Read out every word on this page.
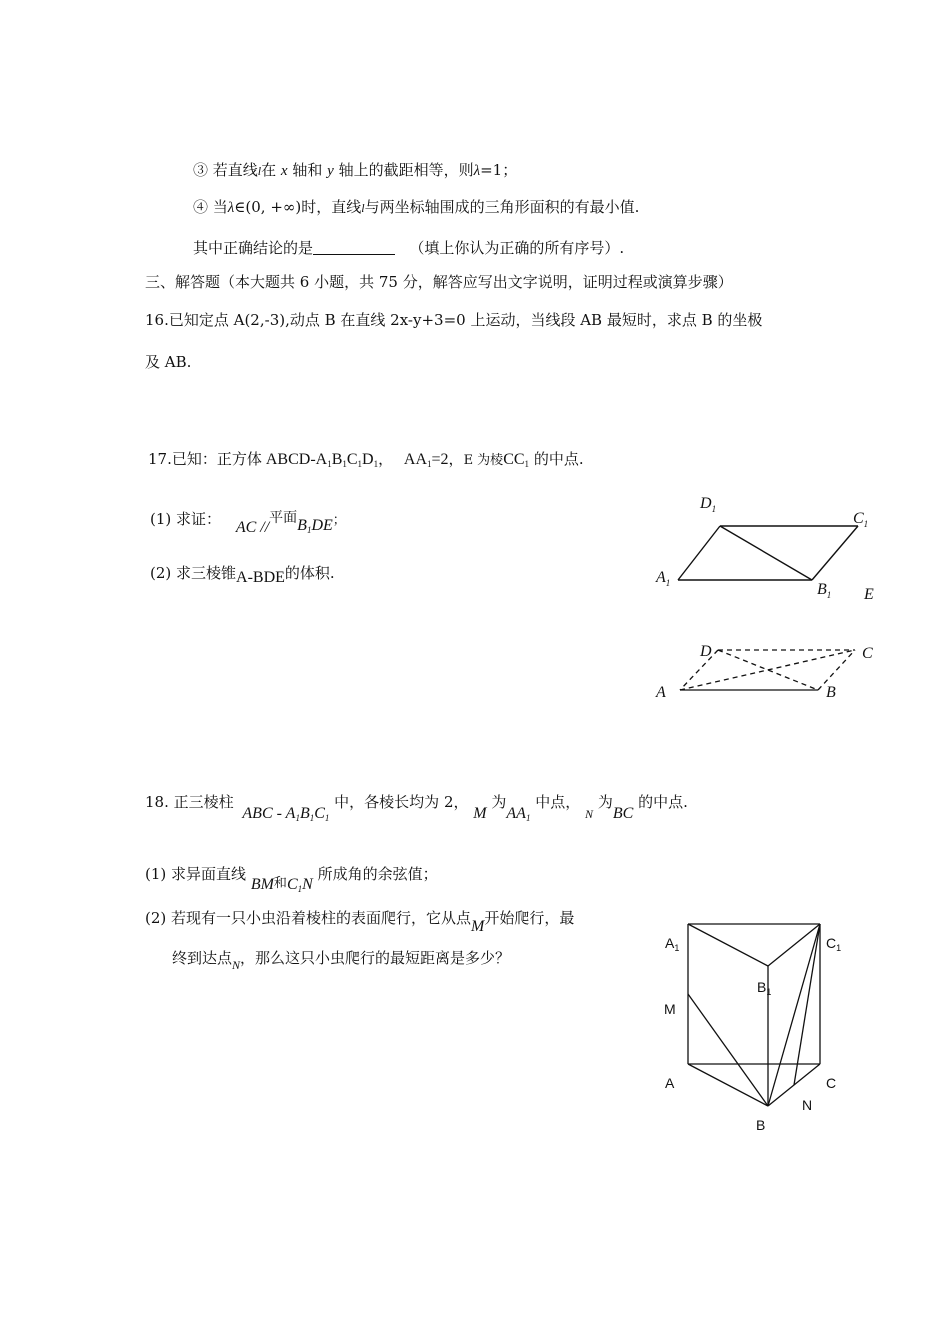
③ 若直线l在 x 轴和 y 轴上的截距相等，则λ=1；
④ 当λ∈(0, +∞)时，直线l与两坐标轴围成的三角形面积的有最小值.
其中正确结论的是	（填上你认为正确的所有序号）.
三、解答题（本大题共 6 小题，共 75 分，解答应写出文字说明，证明过程或演算步骤）
16.已知定点 A(2,-3),动点 B 在直线 2x-y+3=0 上运动，当线段 AB 最短时，求点 B 的坐极
及 AB.
17.已知：正方体 ABCD-$A_1B_1C_1D_1$， $AA_1=2$，E 为棱$CC_1$ 的中点.
(1) 求证： AC //平面$B_1DE$；
(2) 求三棱锥A-BDE的体积.
18. 正三棱柱 ABC - $A_1B_1C_1$ 中，各棱长均为 2， M 为$AA_1$ 中点， $_N$ 为BC 的中点.
(1) 求异面直线 BM和$C_1N$ 所成角的余弦值；
(2) 若现有一只小虫沿着棱柱的表面爬行，它从点M开始爬行，最
终到达点$_N$，那么这只小虫爬行的最短距离是多少？
$D_1$
$C_1$
$A_1$	$B_1$ E
D	C
A	B
$A_1$	$C_1$
$B_1$
M
A	C
N
B
